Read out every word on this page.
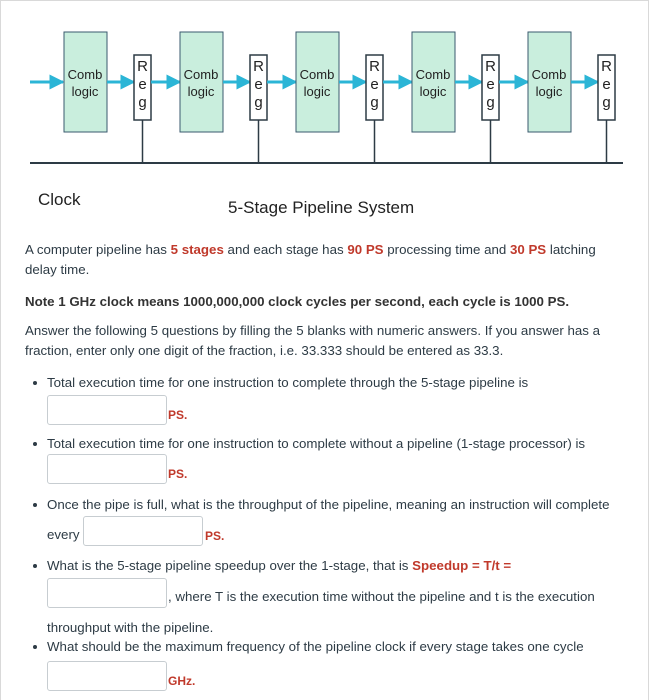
Comb
logic
R
e
g
Comb
logic
R
e
g
Comb
logic
R
e
g
Comb
logic
R
e
g
Comb
logic
R
e
g
Clock	5-Stage Pipeline System

A computer pipeline has 5 stages and each stage has 90 PS processing time and 30 PS latching delay time.

Note 1 GHz clock means 1000,000,000 clock cycles per second, each cycle is 1000 PS.

Answer the following 5 questions by filling the 5 blanks with numeric answers. If you answer has a fraction, enter only one digit of the fraction, i.e. 33.333 should be entered as 33.3.

Total execution time for one instruction to complete through the 5-stage pipeline is
PS.
Total execution time for one instruction to complete without a pipeline (1-stage processor) is
PS.
Once the pipe is full, what is the throughput of the pipeline, meaning an instruction will complete
every	PS.
What is the 5-stage pipeline speedup over the 1-stage, that is Speedup = T/t =
, where T is the execution time without the pipeline and t is the execution
throughput with the pipeline.
What should be the maximum frequency of the pipeline clock if every stage takes one cycle
GHz.
